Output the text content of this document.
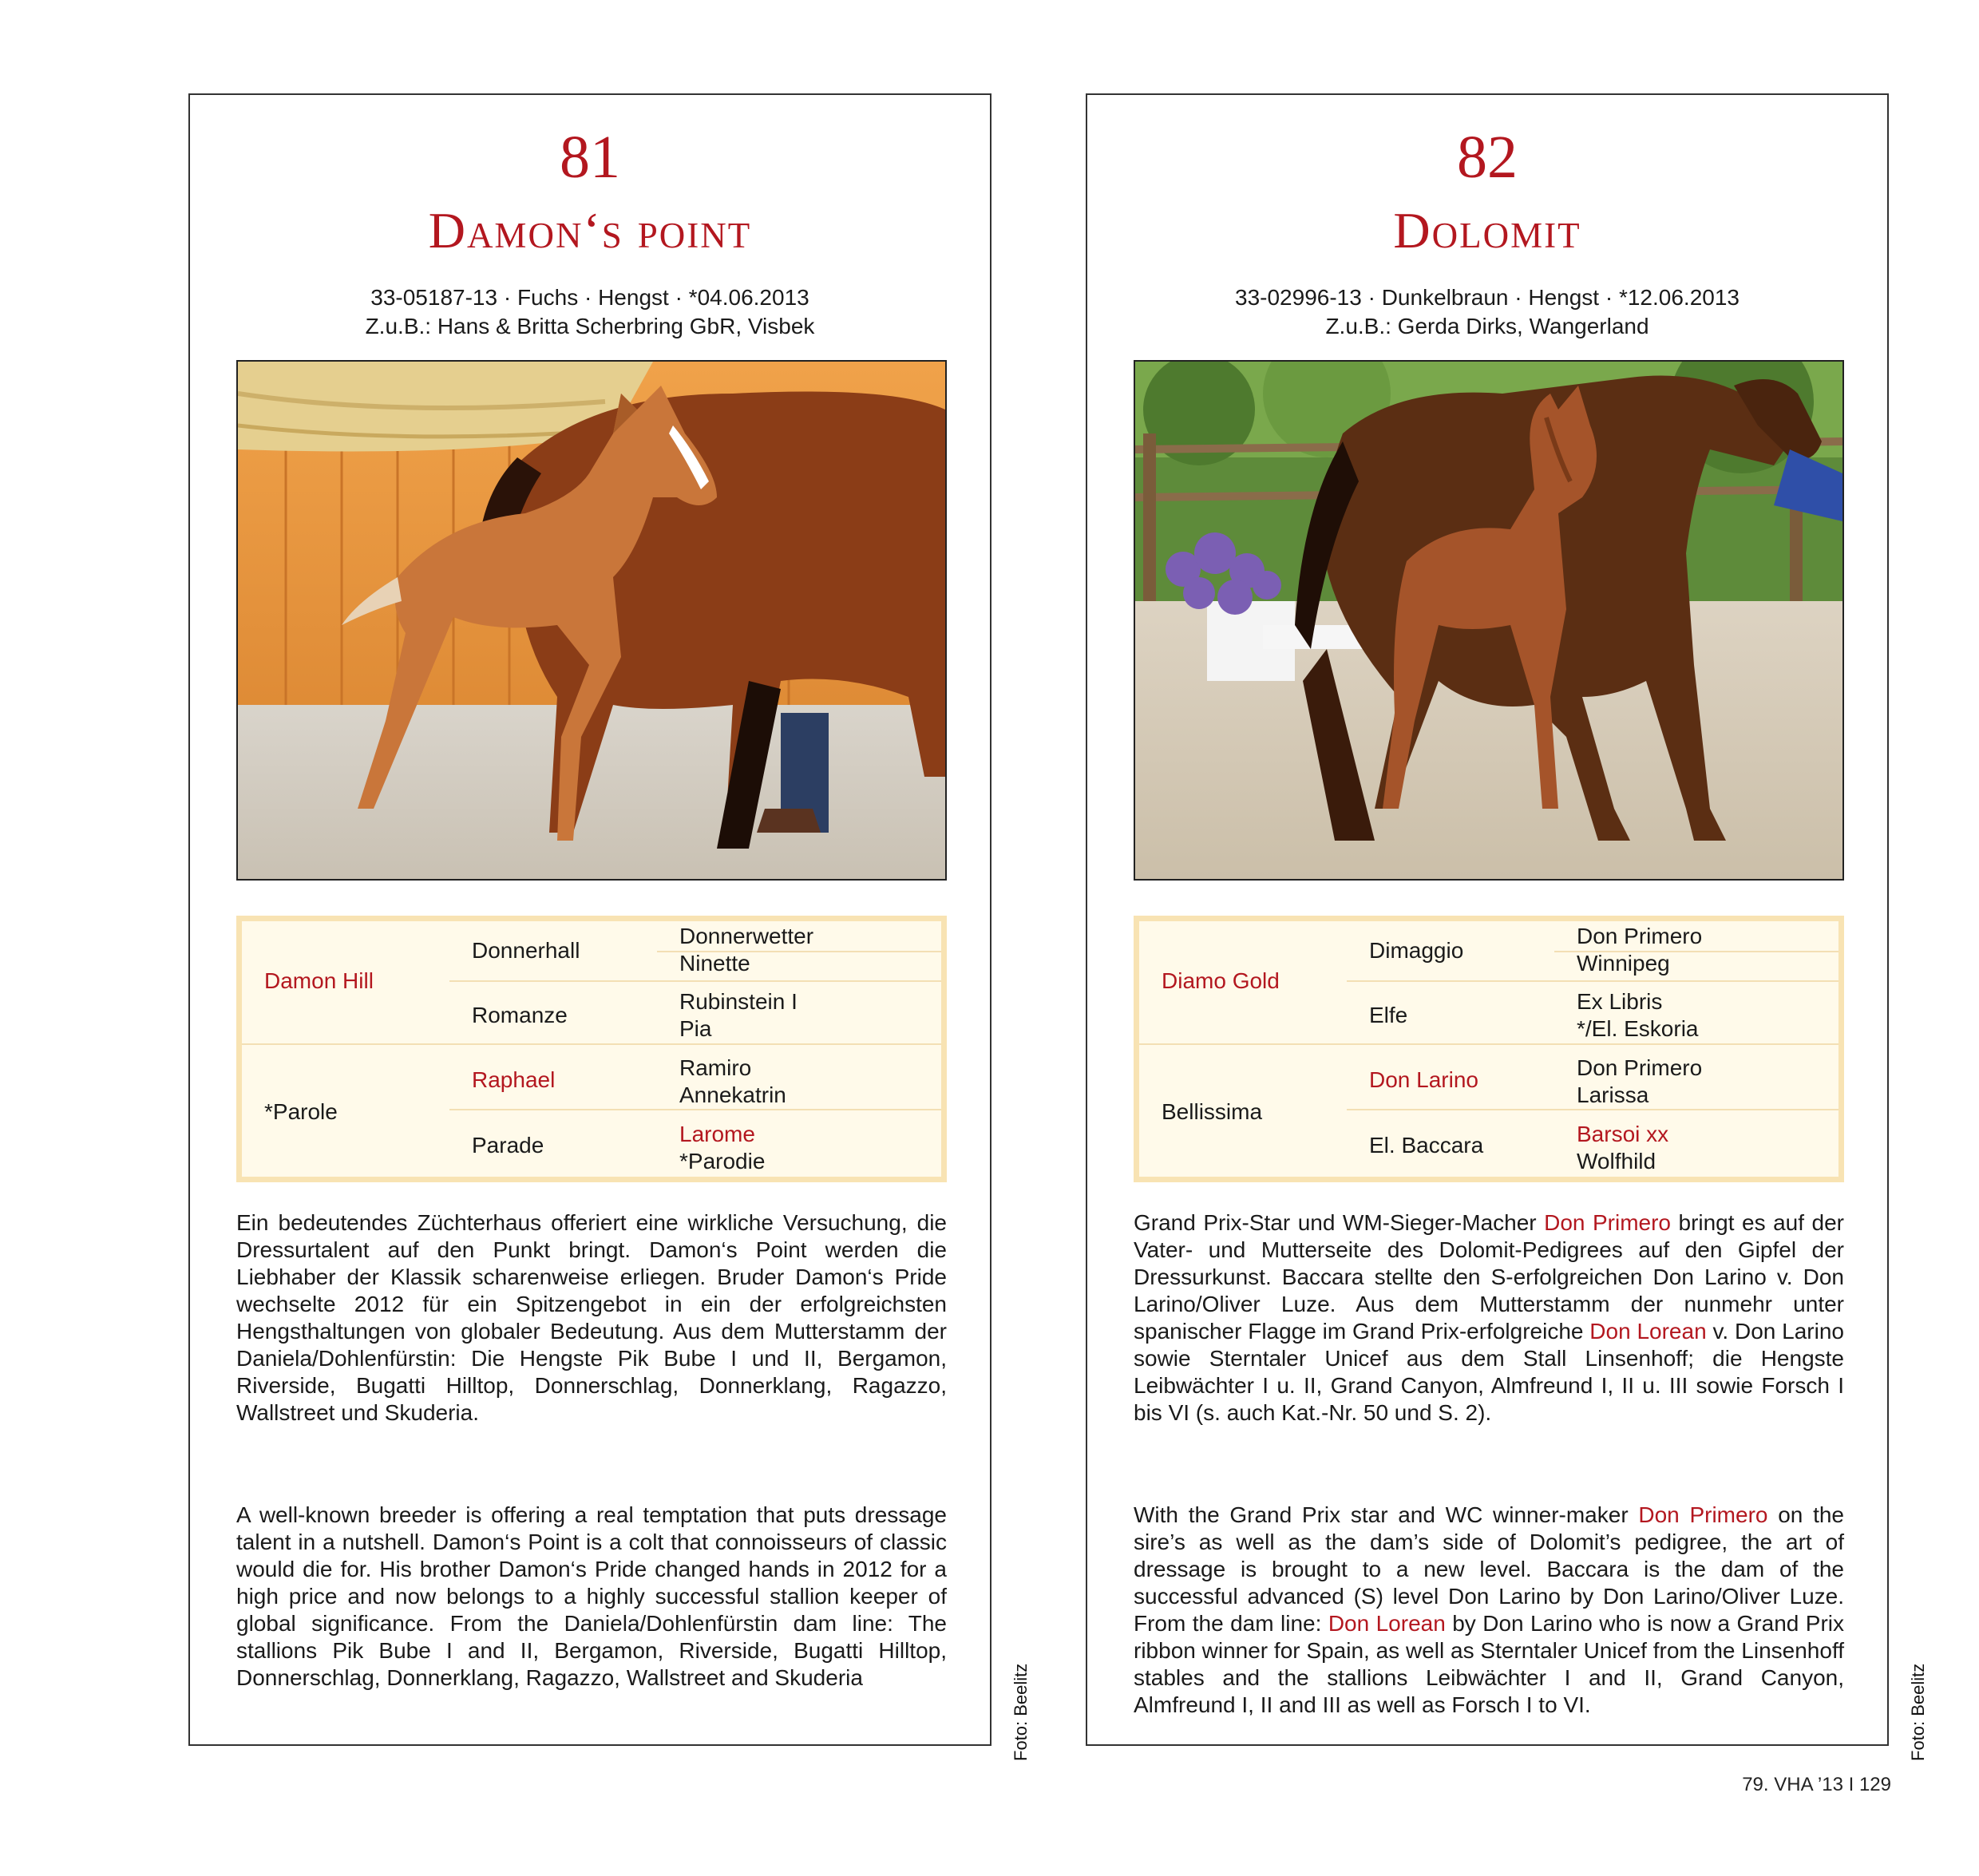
81
Damon‘s point
33-05187-13 · Fuchs · Hengst · *04.06.2013
Z.u.B.: Hans & Britta Scherbring GbR, Visbek
Damon Hill
*Parole
Donnerhall
Romanze
Raphael
Parade
Donnerwetter
Ninette
Rubinstein I
Pia
Ramiro
Annekatrin
Larome
*Parodie

Ein bedeutendes Züchterhaus offeriert eine wirkliche Versuchung, die Dressurtalent auf den Punkt bringt. Damon‘s Point werden die Liebhaber der Klassik scharenweise erliegen. Bruder Damon‘s Pride wechselte 2012 für ein Spitzengebot in ein der erfolgreichsten Hengsthaltungen von globaler Bedeutung. Aus dem Mutterstamm der Daniela/Dohlenfürstin: Die Hengste Pik Bube I und II, Bergamon, Riverside, Bugatti Hilltop, Donnerschlag, Donnerklang, Ragazzo, Wallstreet und Skuderia.

A well-known breeder is offering a real temptation that puts dressage talent in a nutshell. Damon‘s Point is a colt that connoisseurs of classic would die for. His brother Damon‘s Pride changed hands in 2012 for a high price and now belongs to a highly successful stallion keeper of global significance. From the Daniela/Dohlenfürstin dam line: The stallions Pik Bube I and II, Bergamon, Riverside, Bugatti Hilltop, Donnerschlag, Donnerklang, Ragazzo, Wallstreet and Skuderia	Foto: Beelitz
82
Dolomit
33-02996-13 · Dunkelbraun · Hengst · *12.06.2013
Z.u.B.: Gerda Dirks, Wangerland
Diamo Gold
Bellissima
Dimaggio
Elfe
Don Larino
El. Baccara
Don Primero
Winnipeg
Ex Libris
*/El. Eskoria
Don Primero
Larissa
Barsoi xx
Wolfhild

Grand Prix-Star und WM-Sieger-Macher Don Primero bringt es auf der Vater- und Mutterseite des Dolomit-Pedigrees auf den Gipfel der Dressurkunst. Baccara stellte den S-erfolgreichen Don Larino v. Don Larino/Oliver Luze. Aus dem Mutterstamm der nunmehr unter spanischer Flagge im Grand Prix-erfolgreiche Don Lorean v. Don Larino sowie Sterntaler Unicef aus dem Stall Linsenhoff; die Hengste Leibwächter I u. II, Grand Canyon, Almfreund I, II u. III sowie Forsch I bis VI (s. auch Kat.-Nr. 50 und S. 2).

With the Grand Prix star and WC winner-maker Don Primero on the sire’s as well as the dam’s side of Dolomit’s pedigree, the art of dressage is brought to a new level. Baccara is the dam of the successful advanced (S) level Don Larino by Don Larino/Oliver Luze. From the dam line: Don Lorean by Don Larino who is now a Grand Prix ribbon winner for Spain, as well as Sterntaler Unicef from the Linsenhoff stables and the stallions Leibwächter I and II, Grand Canyon, Almfreund I, II and III as well as Forsch I to VI.	Foto: Beelitz
79. VHA ’13 I 129
